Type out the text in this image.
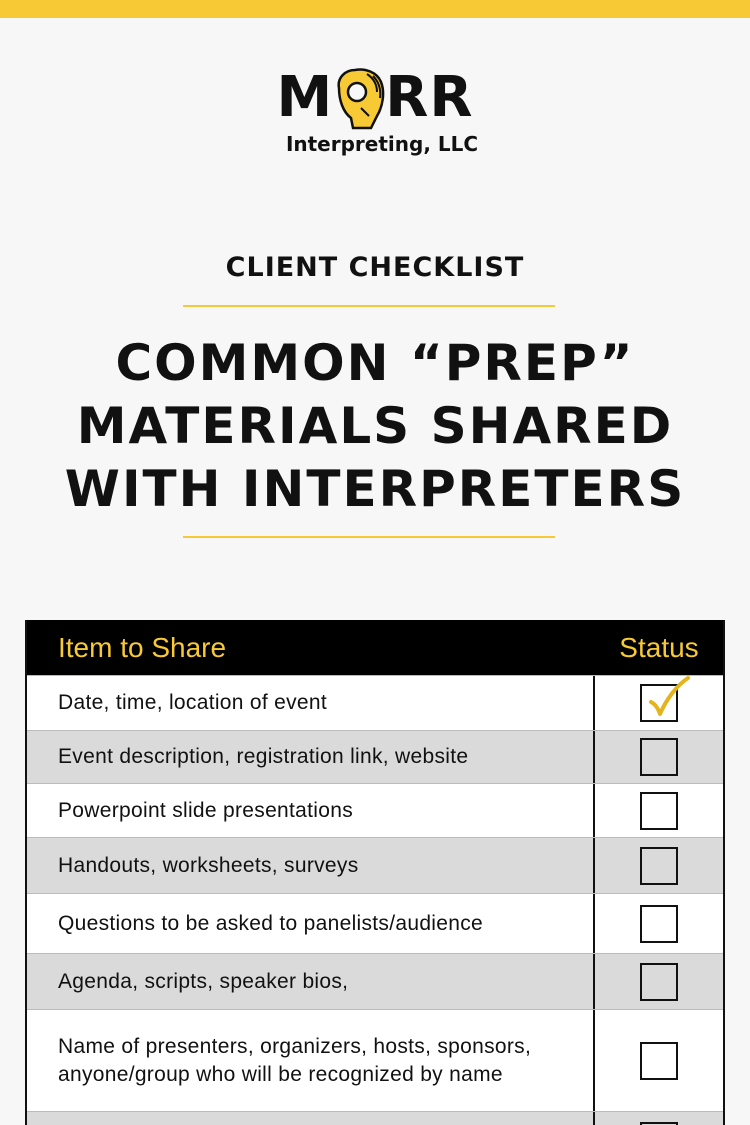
M RR
Interpreting, LLC
CLIENT CHECKLIST
COMMON “PREP”
MATERIALS SHARED
WITH INTERPRETERS
Item to Share	Status
Date, time, location of event
Event description, registration link, website
Powerpoint slide presentations
Handouts, worksheets, surveys
Questions to be asked to panelists/audience
Agenda, scripts, speaker bios,
Name of presenters, organizers, hosts, sponsors, anyone/group who will be recognized by name
